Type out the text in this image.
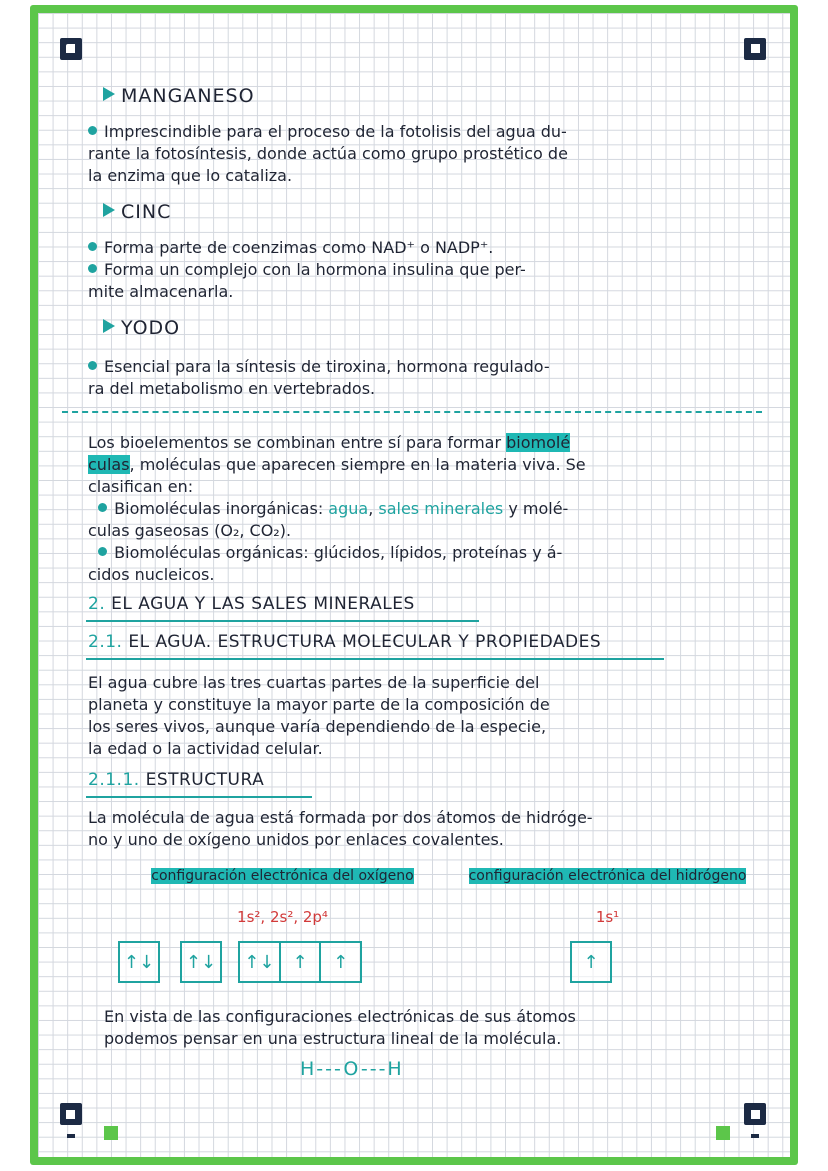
MANGANESO
Imprescindible para el proceso de la fotolisis del agua du-
rante la fotosíntesis, donde actúa como grupo prostético de
la enzima que lo cataliza.
CINC
Forma parte de coenzimas como NAD⁺ o NADP⁺.
Forma un complejo con la hormona insulina que per-
mite almacenarla.
YODO
Esencial para la síntesis de tiroxina, hormona regulado-
ra del metabolismo en vertebrados.
Los bioelementos se combinan entre sí para formar biomolé
culas, moléculas que aparecen siempre en la materia viva. Se
clasifican en:
Biomoléculas inorgánicas: agua, sales minerales y molé-
culas gaseosas (O₂, CO₂).
Biomoléculas orgánicas: glúcidos, lípidos, proteínas y á-
cidos nucleicos.
2. EL AGUA Y LAS SALES MINERALES
2.1. EL AGUA. ESTRUCTURA MOLECULAR Y PROPIEDADES
El agua cubre las tres cuartas partes de la superficie del
planeta y constituye la mayor parte de la composición de
los seres vivos, aunque varía dependiendo de la especie,
la edad o la actividad celular.
2.1.1. ESTRUCTURA
La molécula de agua está formada por dos átomos de hidróge-
no y uno de oxígeno unidos por enlaces covalentes.
configuración electrónica del oxígeno
1s², 2s², 2p⁴
configuración electrónica del hidrógeno
1s¹
↑↓ ↑↓ ↑↓	↑	↑	↑
En vista de las configuraciones electrónicas de sus átomos
podemos pensar en una estructura lineal de la molécula.
H---O---H
